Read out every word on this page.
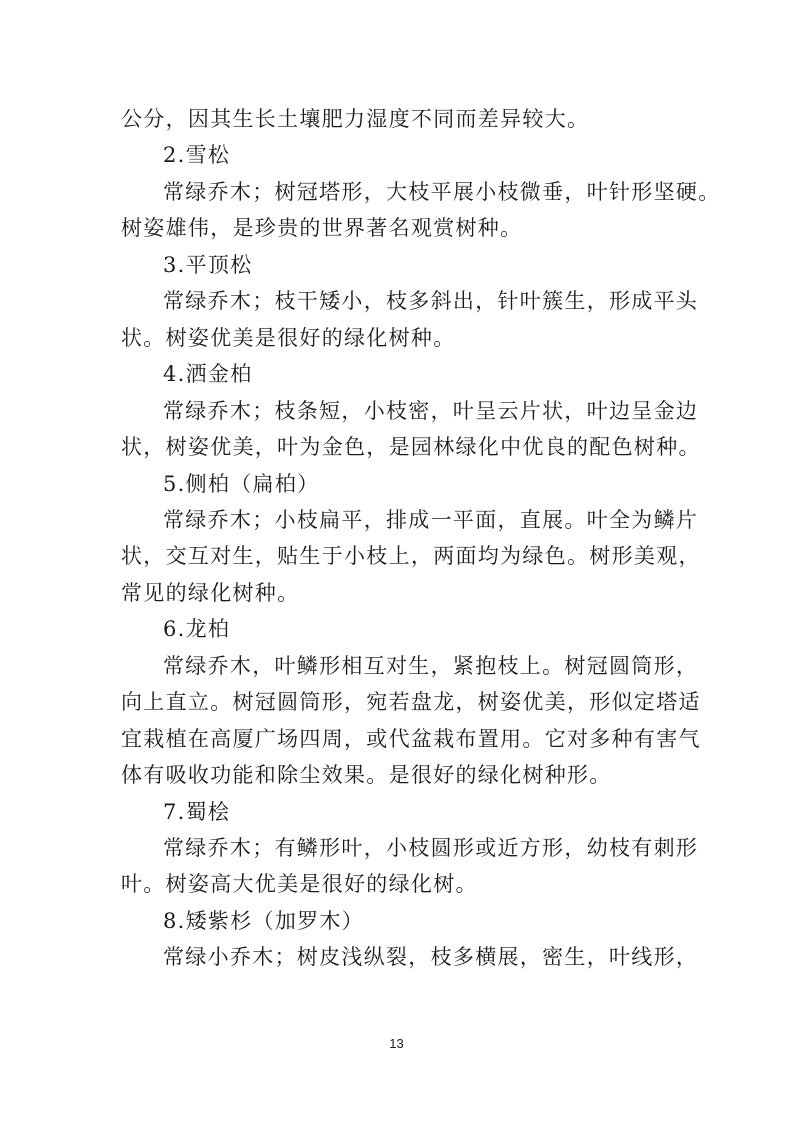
公分，因其生长土壤肥力湿度不同而差异较大。

2.雪松

常绿乔木；树冠塔形，大枝平展小枝微垂，叶针形坚硬。

树姿雄伟，是珍贵的世界著名观赏树种。

3.平顶松

常绿乔木；枝干矮小，枝多斜出，针叶簇生，形成平头

状。树姿优美是很好的绿化树种。

4.洒金柏

常绿乔木；枝条短，小枝密，叶呈云片状，叶边呈金边

状，树姿优美，叶为金色，是园林绿化中优良的配色树种。

5.侧柏（扁柏）

常绿乔木；小枝扁平，排成一平面，直展。叶全为鳞片

状，交互对生，贴生于小枝上，两面均为绿色。树形美观，

常见的绿化树种。

6.龙柏

常绿乔木，叶鳞形相互对生，紧抱枝上。树冠圆筒形，

向上直立。树冠圆筒形，宛若盘龙，树姿优美，形似定塔适

宜栽植在高厦广场四周，或代盆栽布置用。它对多种有害气

体有吸收功能和除尘效果。是很好的绿化树种形。

7.蜀桧

常绿乔木；有鳞形叶，小枝圆形或近方形，幼枝有刺形

叶。树姿高大优美是很好的绿化树。

8.矮紫杉（加罗木）

常绿小乔木；树皮浅纵裂，枝多横展，密生，叶线形，

13
